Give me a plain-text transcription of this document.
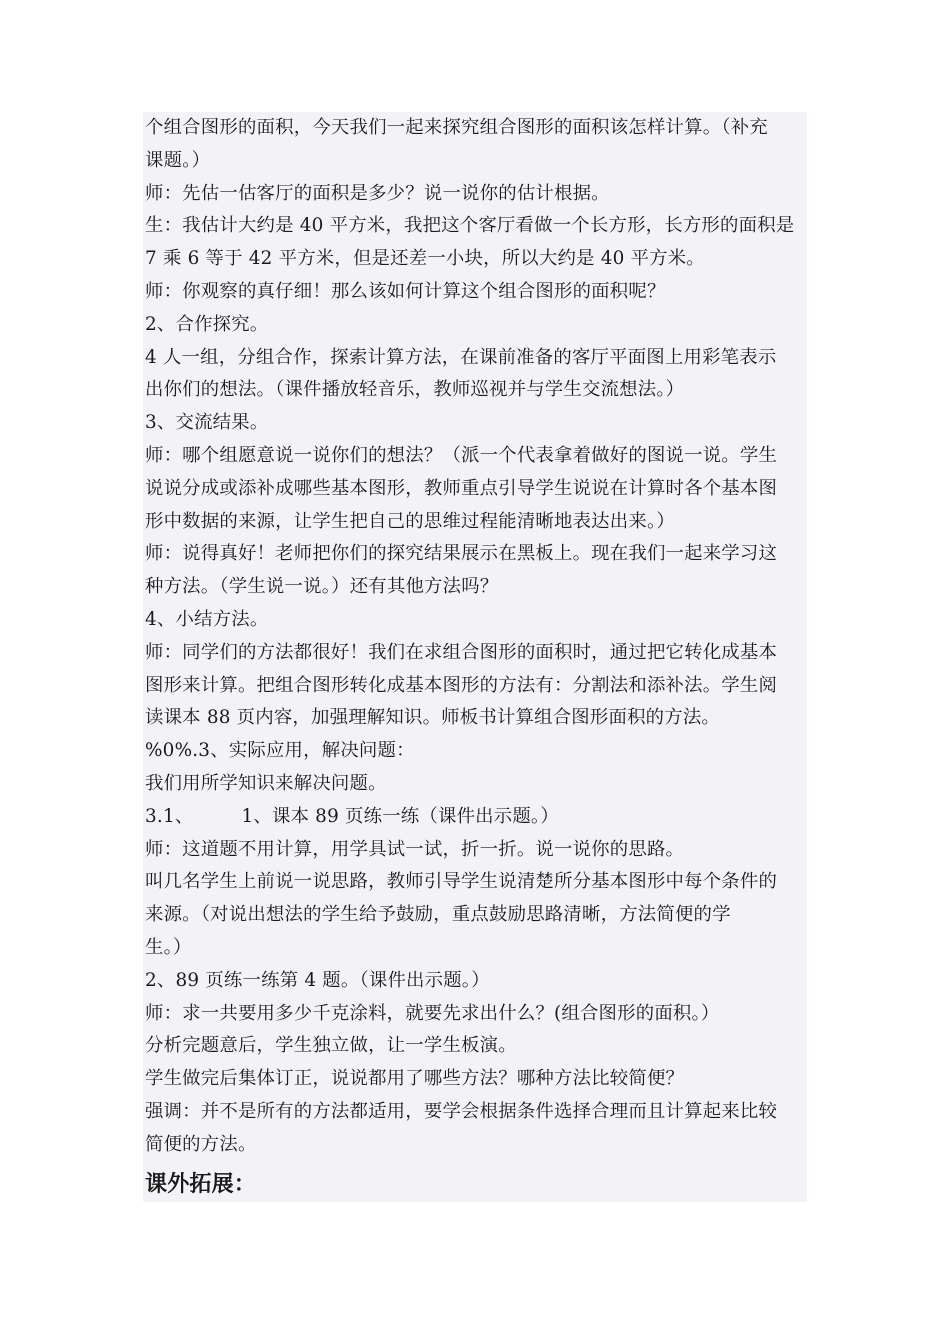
个组合图形的面积，今天我们一起来探究组合图形的面积该怎样计算。（补充
课题。）
师：先估一估客厅的面积是多少？说一说你的估计根据。
生：我估计大约是 40 平方米，我把这个客厅看做一个长方形，长方形的面积是
7 乘 6 等于 42 平方米，但是还差一小块，所以大约是 40 平方米。
师：你观察的真仔细！那么该如何计算这个组合图形的面积呢？
2、合作探究。
4 人一组，分组合作，探索计算方法，在课前准备的客厅平面图上用彩笔表示
出你们的想法。（课件播放轻音乐，教师巡视并与学生交流想法。）
3、交流结果。
师：哪个组愿意说一说你们的想法？（派一个代表拿着做好的图说一说。学生
说说分成或添补成哪些基本图形，教师重点引导学生说说在计算时各个基本图
形中数据的来源，让学生把自己的思维过程能清晰地表达出来。）
师：说得真好！老师把你们的探究结果展示在黑板上。现在我们一起来学习这
种方法。（学生说一说。）还有其他方法吗？
4、小结方法。
师：同学们的方法都很好！我们在求组合图形的面积时，通过把它转化成基本
图形来计算。把组合图形转化成基本图形的方法有：分割法和添补法。学生阅
读课本 88 页内容，加强理解知识。师板书计算组合图形面积的方法。
%0%.3、实际应用，解决问题：
我们用所学知识来解决问题。
3.1、	1、课本 89 页练一练（课件出示题。）
师：这道题不用计算，用学具试一试，折一折。说一说你的思路。
叫几名学生上前说一说思路，教师引导学生说清楚所分基本图形中每个条件的
来源。（对说出想法的学生给予鼓励，重点鼓励思路清晰，方法简便的学
生。）
2、89 页练一练第 4 题。（课件出示题。）
师：求一共要用多少千克涂料，就要先求出什么？(组合图形的面积。）
分析完题意后，学生独立做，让一学生板演。
学生做完后集体订正，说说都用了哪些方法？哪种方法比较简便？
强调：并不是所有的方法都适用，要学会根据条件选择合理而且计算起来比较
简便的方法。
课外拓展：
